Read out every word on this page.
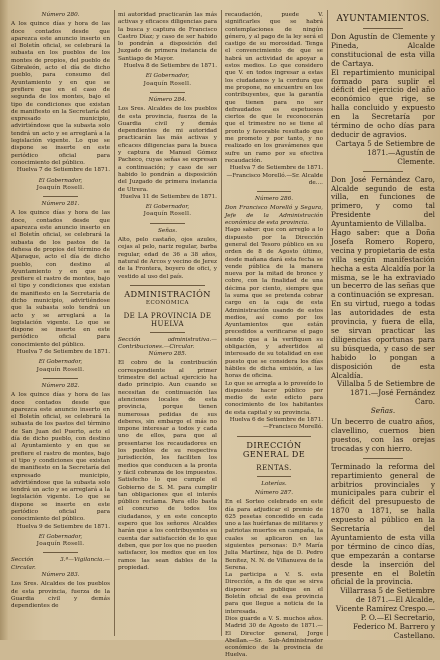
Número 280.

A los quince días y hora de las doce contados desde que aparezca este anuncio inserto en el Boletín oficial, se celebrará la subasta en los pueblos de los montes de propios, del pueblo de Gibraleón, acto el día de dicho pueblo, para consumo del Ayuntamiento y en que se prefiere que en el caso de segunda de los montes, bajo el tipo de condiciones que existan de manifiesto en la Secretaría del expresado municipio, advirtiéndose que la subasta solo tendrá un acto y se arreglará a la legislación vigente. Lo que se dispone se inserte en este periódico oficial para conocimiento del público.

Huelva 7 de Setiembre de 1871.
El Gobernador,
Joaquín Rosell.
Número 281.

A los quince días y hora de las doce, contados desde que aparezca este anuncio inserto en el Boletín oficial, se celebrará la subasta de los pastos de la dehesa de propios del término de Aljaraque, acto el día de dicho pueblo, con destino al Ayuntamiento y en que se prefiere el rastro de montes, bajo el tipo y condiciones que existan de manifiesto en la Secretaría de dicho municipio, advirtiéndose que la subasta solo tendrá un acto y se arreglará a la legislación vigente. Lo que se dispone se inserte en este periódico oficial para conocimiento del público.

Huelva 7 de Setiembre de 1871.
El Gobernador,
Joaquín Rosell.
Número 282.

A los quince días y hora de las doce contados desde que aparezca este anuncio inserto en el Boletín oficial, se celebrará la subasta de los pastos del término de San Juan del Puerto, acto el día de dicho pueblo, con destino al Ayuntamiento y en que se prefiere el rastro de montes, bajo el tipo y condiciones que existan de manifiesto en la Secretaría del expresado municipio, advirtiéndose que la subasta solo tendrá un acto y se arreglará a la legislación vigente. Lo que se dispone se inserte en este periódico oficial para conocimiento del público.

Huelva 9 de Setiembre de 1871.
El Gobernador,
Joaquín Rosell.
Sección 3.ª—Vigilancia.—Circular.
Número 283.

Los Sres. Alcaldes de los pueblos de esta provincia, fuerza de la Guardia civil y demás dependientes de

mi autoridad practicarán las más activas y eficaces diligencias para la busca y captura de Francisco Castro Díaz; y caso de ser habido lo pondrán a disposición del Juzgado de primera instancia de Santiago de Mayor.

Huelva 8 de Setiembre de 1871.
El Gobernador,
Joaquín Rosell.
Número 284.

Los Sres. Alcaldes de los pueblos de esta provincia, fuerza de la Guardia civil y demás dependientes de mi autoridad practicarán las más activas y eficaces diligencias para la busca y captura de Manuel Gómez Pacheco, cuyas señas se expresan a continuación; y caso de ser habido lo pondrán a disposición del Juzgado de primera instancia de Utrera.

Huelva 11 de Setiembre de 1871.
El Gobernador,
Joaquín Rosell.
Señas.

Alto, pelo castaño, ojos azules, cejas al pelo, nariz regular, barba regular, edad de 36 a 38 años, natural de Arcos y vecino de Jerez de la Frontera, boyero de ofici, y vestido al uso del país.

ADMINISTRACIÓN
ECONÓMICA
DE LA PROVINCIA DE HUELVA
Sección administrativa.—Contribuciones.—Circular.
Número 285.

El cobro de la contribución correspondiente al primer trimestre del actual ejercicio ha dado principio. Aun cuando se necesitan de continuación las atenciones locales de esta provincia, porque tienen numerosas pedidas de sus deberes, sin embargo el más no impone interesar a todos y cada uno de ellos, para que al presentarse los recaudadores en los pueblos de su respectiva jurisdicción, les faciliten los medios que conducen a la pronta y fácil cobranza de los impuestos. Satisfecho lo que cumple el Gobierno de S. M. para cumplir tan obligaciones que el interés público reclama. Para ello basta el concurso de todos los ciudadanos, y en este concepto espero que los señores Alcaldes harán que a los contribuyentes su cuenta dar satisfacción de lo que deben, que por los que no pueden satisfacer, los medios que en los ramos las sean dables de la propiedad.

recaudación, puede V. significarles que se habrá contemplaciones de ningún género, y al pago de la ley será el castigo de su morosidad. Tenga el convencimiento de que se habrá un actividad de apoyar a estos medios. Lo que considero que V. en todos ingresar a estas los ciudadanos y la cordura que me propone, no encuentre en los contribuyentes, que la garantía que tienen para no ser defraudados es espetuosos ciertos de que le reconocerán que el trimestre no se tiene al pronto y favorable resultado que me prometo y por tanto, y no realizado en los gravámenes que sufre un ramo por su efectiva recaudación.

Huelva 7 de Setiembre de 1871.
—Francisco Morelló.—Sr. Alcalde de....
Número 286.

Don Francisco Morelló y Segura, Jefe de la Administración económica de esta provincia.

Hago saber: que con arreglo a lo dispuesto por la Dirección general del Tesoro público en su orden de 8 de Agosto último, desde mañana dará esta fecha se vende pública de la manera nueva por la mitad de bronce y cobre, con la finalidad de una décima por ciento, siempre que la suma que se pretenda cobrar cargo en la caja de esta Administración usando de estos medios, así como por los Ayuntamientos que están precedidos a verificarse el pago siendo que a la verifiquen su obligación, y advertidos al interesado de su totalidad en ese puesto que se considera los días hábiles de dicha emisión, a las horas de oficina.

Lo que se arregla a lo proveído lo dispuesto hacer público por medio de este edicto para conocimiento de los habitantes de esta capital y su provincia.

Huelva 6 de Setiembre de 1871.
—Francisco Morelló.
DIRECCIÓN GENERAL DE
RENTAS.
Loterías.
Número 287.

En el Sorteo celebrado en este día para adjudicar el premio de 625 pesetas concedido en cada uno a las huérfanas de militares y patriotas muertos en campaña, la cuales se aplicaron en las siguientes personas: D.ª María Julia Martínez, hija de D. Pedro Benitez, N. N. de Villanueva de la Serena.

La participa a V. S. esta Dirección, a fin de que se sirva disponer se publique en el Boletín oficial de esa provincia para que llegue a noticia de la interesada.

Dios guarde a V. S. muchos años. Madrid 30 de Agosto de 1871.—El Director general, Jorge Abellan.—Sr. Sub-Administrador económico de la provincia de Huelva.

AYUNTAMIENTOS.

Don Agustín de Clemente y Pineda, Alcalde constitucional de esta villa de Cartaya.

El repartimiento municipal formado para suplir el déficit del ejercicio del año económico que rige, se halla concluido y expuesto en la Secretaría por término de ocho días para deducir de agravios.

Cartaya 5 de Setiembre de 1871.—Agustín de Clemente.

Don José Fernández Caro, Alcalde segundo de esta villa, en funciones de primero, y como tal Presidente del Ayuntamiento de Villalba.

Hago saber: que a Doña Josefa Romero Ropero, vecina y propietaria de esta villa según manifestación hecha a esta Alcaldía por la misma, se le ha extraviado un becerro de las señas que a continuación se expresan.

En su virtud, ruego a todas las autoridades de esta provincia, y fuera de ella, se sirvan practicar las diligencias oportunas para su búsqueda, y caso de ser habido lo pongan a disposición de esta Alcaldía.

Villalba 5 de Setiembre de 1871.—José Fernández Caro.
Señas.

Un becerro de cuatro años, clavellino, cuernos bien puestos, con las orejas trocadas y con hierro.

Terminado la reforma del repartimiento general de arbitrios provinciales y municipales para cubrir el déficit del presupuesto de 1870 a 1871, se halla expuesto al público en la Secretaría del Ayuntamiento de esta villa por término de cinco días, que empezarán a contarse desde la inserción del presente en el Boletín oficial de la provincia.

Villarrasa 5 de Setiembre de 1871.—El Alcalde, Vicente Ramírez Crespo.—P. O.—El Secretario, Federico M. Barrero y Castellano.
